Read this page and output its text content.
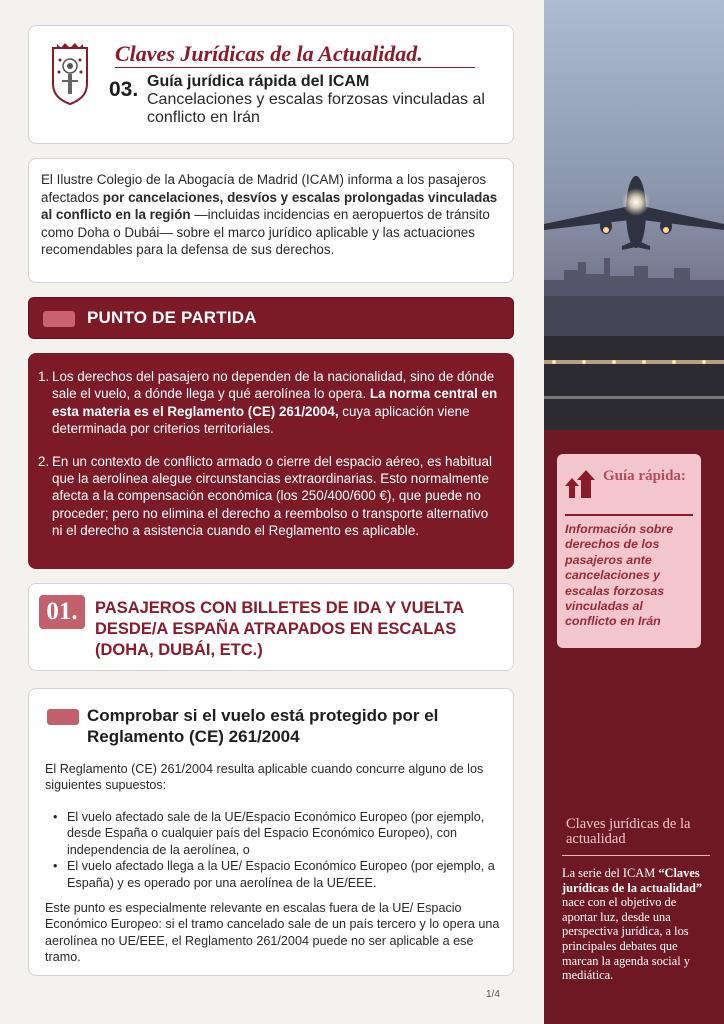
Claves Jurídicas de la Actualidad.
03. Guía jurídica rápida del ICAM
Cancelaciones y escalas forzosas vinculadas al conflicto en Irán

El Ilustre Colegio de la Abogacía de Madrid (ICAM) informa a los pasajeros afectados por cancelaciones, desvíos y escalas prolongadas vinculadas al conflicto en la región —incluidas incidencias en aeropuertos de tránsito como Doha o Dubái— sobre el marco jurídico aplicable y las actuaciones recomendables para la defensa de sus derechos.

PUNTO DE PARTIDA
1. Los derechos del pasajero no dependen de la nacionalidad, sino de dónde sale el vuelo, a dónde llega y qué aerolínea lo opera. La norma central en esta materia es el Reglamento (CE) 261/2004, cuya aplicación viene determinada por criterios territoriales.
2. En un contexto de conflicto armado o cierre del espacio aéreo, es habitual que la aerolínea alegue circunstancias extraordinarias. Esto normalmente afecta a la compensación económica (los 250/400/600 €), que puede no proceder; pero no elimina el derecho a reembolso o transporte alternativo ni el derecho a asistencia cuando el Reglamento es aplicable.
01.	PASAJEROS CON BILLETES DE IDA Y VUELTA DESDE/A ESPAÑA ATRAPADOS EN ESCALAS (DOHA, DUBÁI, ETC.)
Comprobar si el vuelo está protegido por el Reglamento (CE) 261/2004

El Reglamento (CE) 261/2004 resulta aplicable cuando concurre alguno de los siguientes supuestos:

• El vuelo afectado sale de la UE/Espacio Económico Europeo (por ejemplo, desde España o cualquier país del Espacio Económico Europeo), con independencia de la aerolínea, o
• El vuelo afectado llega a la UE/ Espacio Económico Europeo (por ejemplo, a España) y es operado por una aerolínea de la UE/EEE.

Este punto es especialmente relevante en escalas fuera de la UE/ Espacio Económico Europeo: si el tramo cancelado sale de un país tercero y lo opera una aerolínea no UE/EEE, el Reglamento 261/2004 puede no ser aplicable a ese tramo.

1/4
Guía rápida:
Información sobre derechos de los pasajeros ante cancelaciones y escalas forzosas vinculadas al conflicto en Irán
Claves jurídicas de la actualidad
La serie del ICAM “Claves jurídicas de la actualidad” nace con el objetivo de aportar luz, desde una perspectiva jurídica, a los principales debates que marcan la agenda social y mediática.
